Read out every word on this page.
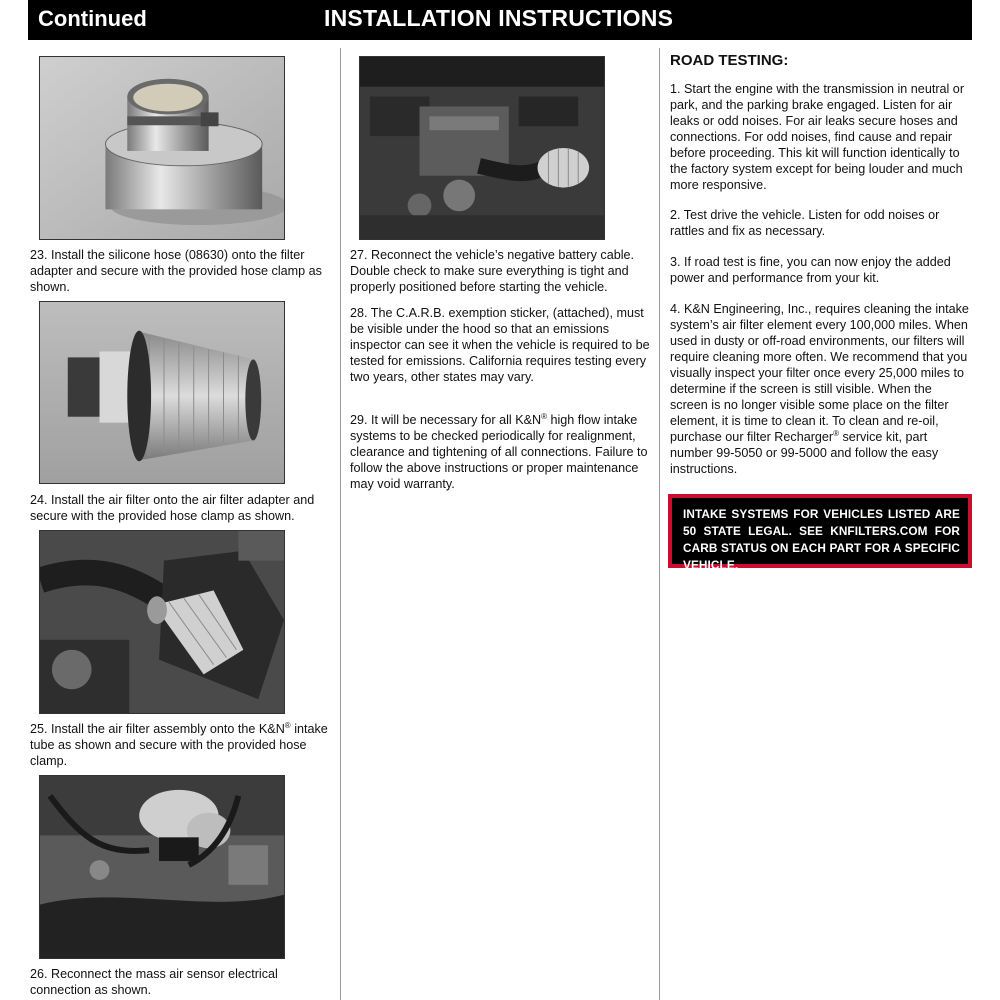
Continued	INSTALLATION INSTRUCTIONS
23. Install the silicone hose (08630) onto the filter adapter and secure with the provided hose clamp as shown.
24. Install the air filter onto the air filter adapter and secure with the provided hose clamp as shown.
25. Install the air filter assembly onto the K&N® intake tube as shown and secure with the provided hose clamp.
26. Reconnect the mass air sensor electrical connection as shown.
27. Reconnect the vehicle’s negative battery cable. Double check to make sure everything is tight and properly positioned before starting the vehicle.
28. The C.A.R.B. exemption sticker, (attached), must be visible under the hood so that an emissions inspector can see it when the vehicle is required to be tested for emissions. California requires testing every two years, other states may vary.
29. It will be necessary for all K&N® high flow intake systems to be checked periodically for realignment, clearance and tightening of all connections. Failure to follow the above instructions or proper maintenance may void warranty.
ROAD TESTING:
1. Start the engine with the transmission in neutral or park, and the parking brake engaged. Listen for air leaks or odd noises. For air leaks secure hoses and connections. For odd noises, find cause and repair before proceeding. This kit will function identically to the factory system except for being louder and much more responsive.
2. Test drive the vehicle. Listen for odd noises or rattles and fix as necessary.
3. If road test is fine, you can now enjoy the added power and performance from your kit.
4. K&N Engineering, Inc., requires cleaning the intake system’s air filter element every 100,000 miles. When used in dusty or off-road environments, our filters will require cleaning more often. We recommend that you visually inspect your filter once every 25,000 miles to determine if the screen is still visible. When the screen is no longer visible some place on the filter element, it is time to clean it. To clean and re-oil, purchase our filter Recharger® service kit, part number 99-5050 or 99-5000 and follow the easy instructions.
INTAKE SYSTEMS FOR VEHICLES LISTED ARE 50 STATE LEGAL. SEE KNFILTERS.COM FOR CARB STATUS ON EACH PART FOR A SPECIFIC VEHICLE.
